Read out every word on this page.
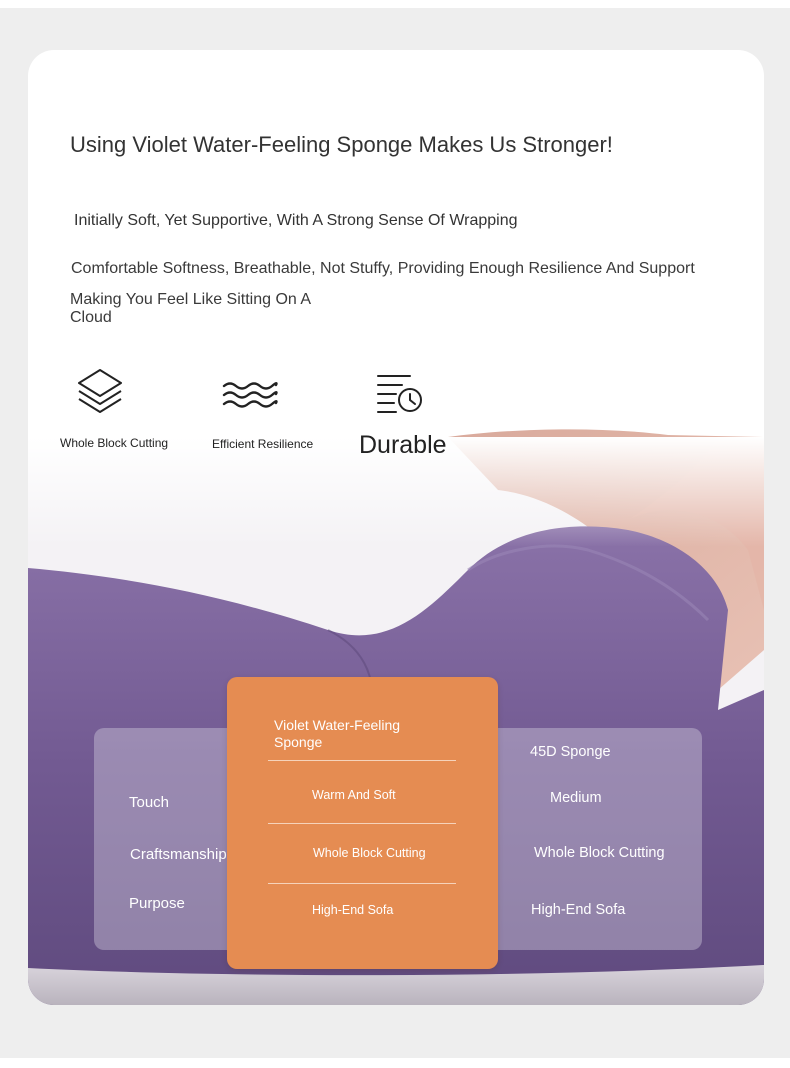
Using Violet Water-Feeling Sponge Makes Us Stronger!
Initially Soft, Yet Supportive, With A Strong Sense Of Wrapping
Comfortable Softness, Breathable, Not Stuffy, Providing Enough Resilience And Support
Making You Feel Like Sitting On A Cloud
Whole Block Cutting	Efficient Resilience Durable
Touch
Craftsmanship
Purpose
Violet Water-Feeling Sponge
Warm And Soft
Whole Block Cutting
High-End Sofa
45D Sponge
Medium
Whole Block Cutting
High-End Sofa
